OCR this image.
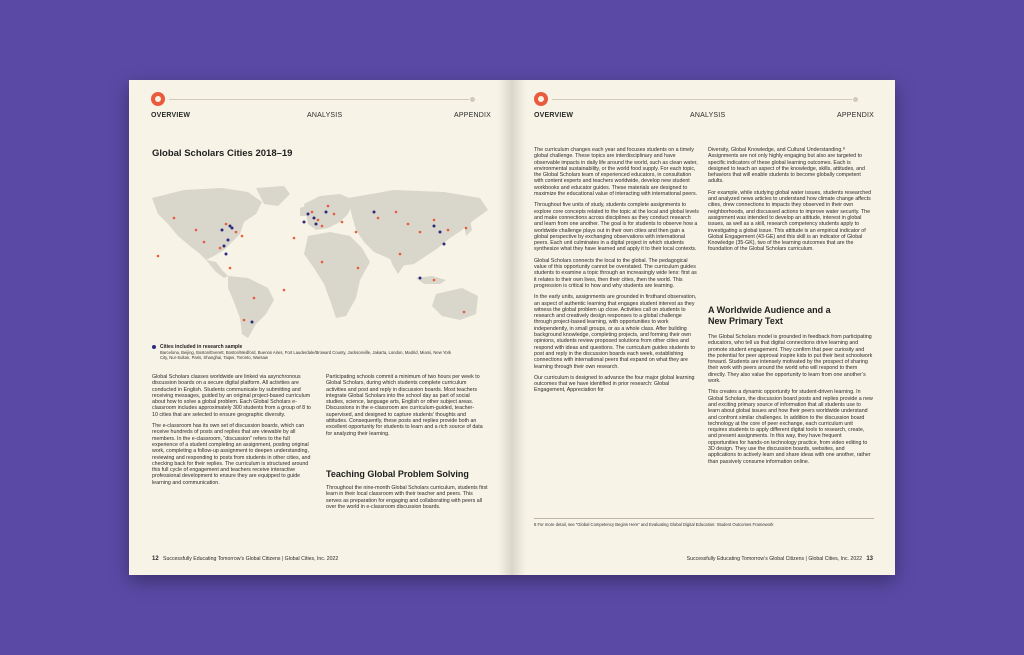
OVERVIEW	ANALYSIS	APPENDIX
Global Scholars Cities 2018–19
Cities included in research sample
Barcelona, Beijing, Boston/Everett, Boston/Medford, Buenos Aires, Fort Lauderdale/Broward County, Jacksonville, Jakarta, London, Madrid, Miami, New York City, Nur-Sultan, Paris, Shanghai, Taipei, Toronto, Warsaw

Global Scholars classes worldwide are linked via asynchronous discussion boards on a secure digital platform. All activities are conducted in English. Students communicate by submitting and receiving messages, guided by an original project-based curriculum about how to solve a global problem. Each Global Scholars e-classroom includes approximately 300 students from a group of 8 to 10 cities that are selected to ensure geographic diversity.

The e-classroom has its own set of discussion boards, which can receive hundreds of posts and replies that are viewable by all members. In the e-classroom, “discussion” refers to the full experience of a student completing an assignment, posting original work, completing a follow-up assignment to deepen understanding, reviewing and responding to posts from students in other cities, and checking back for their replies. The curriculum is structured around this full cycle of engagement and teachers receive interactive professional development to ensure they are equipped to guide learning and communication.

Participating schools commit a minimum of two hours per week to Global Scholars, during which students complete curriculum activities and post and reply in discussion boards. Most teachers integrate Global Scholars into the school day as part of social studies, science, language arts, English or other subject areas. Discussions in the e-classroom are curriculum-guided, teacher-supervised, and designed to capture students’ thoughts and attitudes. Consequently, these posts and replies provide both an excellent opportunity for students to learn and a rich source of data for analyzing their learning.

Teaching Global Problem Solving

Throughout the nine-month Global Scholars curriculum, students first learn in their local classroom with their teacher and peers. This serves as preparation for engaging and collaborating with peers all over the world in e-classroom discussion boards.

12 Successfully Educating Tomorrow’s Global Citizens | Global Cities, Inc. 2022
OVERVIEW	ANALYSIS	APPENDIX

The curriculum changes each year and focuses students on a timely global challenge. These topics are interdisciplinary and have observable impacts in daily life around the world, such as clean water, environmental sustainability, or the world food supply. For each topic, the Global Scholars team of experienced educators, in consultation with content experts and teachers worldwide, develop new student workbooks and educator guides. These materials are designed to maximize the educational value of interacting with international peers.

Throughout five units of study, students complete assignments to explore core concepts related to the topic at the local and global levels and make connections across disciplines as they conduct research and learn from one another. The goal is for students to observe how a worldwide challenge plays out in their own cities and then gain a global perspective by exchanging observations with international peers. Each unit culminates in a digital project in which students synthesize what they have learned and apply it to their local contexts.

Global Scholars connects the local to the global. The pedagogical value of this opportunity cannot be overstated. The curriculum guides students to examine a topic through an increasingly wide lens: first as it relates to their own lives, then their cities, then the world. This progression is critical to how and why students are learning.

In the early units, assignments are grounded in firsthand observation, an aspect of authentic learning that engages student interest as they witness the global problem up close. Activities call on students to research and creatively design responses to a global challenge through project-based learning, with opportunities to work independently, in small groups, or as a whole class. After building background knowledge, completing projects, and forming their own opinions, students review proposed solutions from other cities and respond with ideas and questions. The curriculum guides students to post and reply in the discussion boards each week, establishing connections with international peers that expand on what they are learning through their own research.

Our curriculum is designed to advance the four major global learning outcomes that we have identified in prior research: Global Engagement, Appreciation for

Diversity, Global Knowledge, and Cultural Understanding.⁸ Assignments are not only highly engaging but also are targeted to specific indicators of these global learning outcomes. Each is designed to teach an aspect of the knowledge, skills, attitudes, and behaviors that will enable students to become globally competent adults.

For example, while studying global water issues, students researched and analyzed news articles to understand how climate change affects cities, drew connections to impacts they observed in their own neighborhoods, and discussed actions to improve water security. The assignment was intended to develop an attitude, interest in global issues, as well as a skill, research competency students apply to investigating a global issue. This attitude is an empirical indicator of Global Engagement (43-GE) and this skill is an indicator of Global Knowledge (35-GK), two of the learning outcomes that are the foundation of the Global Scholars curriculum.

A Worldwide Audience and a New Primary Text

The Global Scholars model is grounded in feedback from participating educators, who tell us that digital connections drive learning and promote student engagement. They confirm that peer curiosity and the potential for peer approval inspire kids to put their best schoolwork forward. Students are intensely motivated by the prospect of sharing their work with peers around the world who will respond to them directly. They also value the opportunity to learn from one another’s work.

This creates a dynamic opportunity for student-driven learning. In Global Scholars, the discussion board posts and replies provide a new and exciting primary source of information that all students use to learn about global issues and how their peers worldwide understand and confront similar challenges. In addition to the discussion board technology at the core of peer exchange, each curriculum unit requires students to apply different digital tools to research, create, and present assignments. In this way, they have frequent opportunities for hands-on technology practice, from video editing to 3D design. They use the discussion boards, websites, and applications to actively learn and share ideas with one another, rather than passively consume information online.

8 For more detail, see “Global Competency Begins Here” and Evaluating Global Digital Education: Student Outcomes Framework
Successfully Educating Tomorrow’s Global Citizens | Global Cities, Inc. 2022 13
